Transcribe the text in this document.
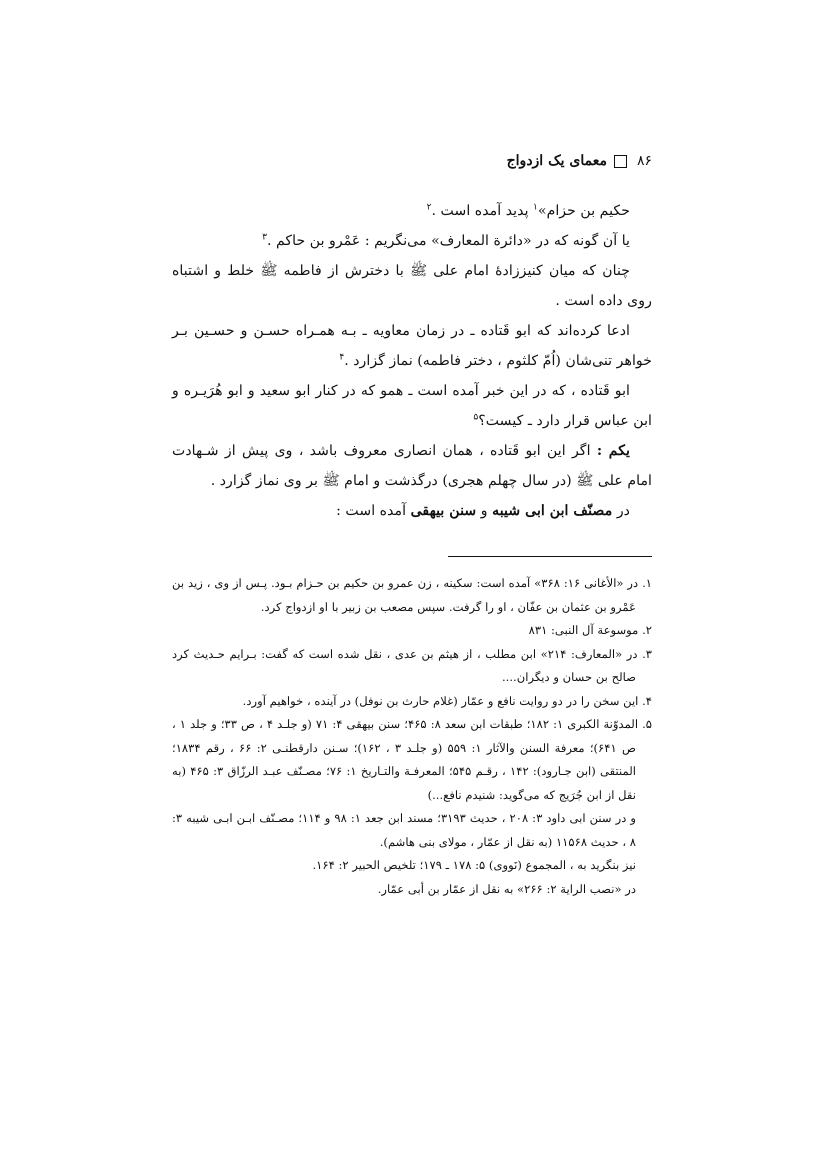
۸۶
معمای یک ازدواج

حکیم بن حزام»$^۱$ پدید آمده است .$^۲$

یا آن گونه که در «دائرة المعارف» می‌نگریم : عَمْرو بن حاکم .$^۳$

چنان که میان کنیززادهٔ امام علی ﷺ با دخترش از فاطمه ﷺ خلط و اشتباه روی داده است .

ادعا کرده‌اند که ابو قَتاده ـ در زمان معاویه ـ بـه همـراه حسـن و حسـین بـر خواهر تنی‌شان (اُمّ کلثوم ، دختر فاطمه) نماز گزارد .$^۴$

ابو قَتاده ، که در این خبر آمده است ـ همو که در کنار ابو سعید و ابو هُرَیـره و ابن عباس قرار دارد ـ کیست؟$^۵$

یکم : اگر این ابو قَتاده ، همان انصاری معروف باشد ، وی پیش از شـهادت امام علی ﷺ (در سال چهلم هجری) درگذشت و امام ﷺ بر وی نماز گزارد .

در مصنّف ابن ابی شیبه و سنن بیهقی آمده است :

۱. در «الأغانی ۱۶: ۳۶۸» آمده است: سکینه ، زن عمرو بن حکیم بن حـزام بـود. پـس از وی ، زید بن عَمْرو بن عثمان بن عفّان ، او را گرفت. سپس مصعب بن زبیر با او ازدواج کرد.

۲. موسوعة آل النبی: ۸۳۱

۳. در «المعارف: ۲۱۴» ابن مطلب ، از هیثم بن عدی ، نقل شده است که گفت: بـرایم حـدیث کرد صالح بن حسان و دیگران....

۴. این سخن را در دو روایت نافع و عمّار (غلام حارث بن نوفل) در آینده ، خواهیم آورد.

۵. المدوّنة الکبری ۱: ۱۸۲؛ طبقات ابن سعد ۸: ۴۶۵؛ سنن بیهقی ۴: ۷۱ (و جلـد ۴ ، ص ۳۳؛ و جلد ۱ ، ص ۶۴۱)؛ معرفة السنن والآثار ۱: ۵۵۹ (و جلـد ۳ ، ۱۶۲)؛ سـنن دارقطنـی ۲: ۶۶ ، رقم ۱۸۳۴؛ المنتقی (ابن جـارود): ۱۴۲ ، رقـم ۵۴۵؛ المعرفـة والتـاریخ ۱: ۷۶؛ مصـنّف عبـد الرزّاق ۳: ۴۶۵ (به نقل از ابن جُرَیج که می‌گوید: شنیدم نافع...)

و در سنن ابی داود ۳: ۲۰۸ ، حدیث ۳۱۹۳؛ مسند ابن جعد ۱: ۹۸ و ۱۱۴؛ مصـنّف ابـن ابـی شیبه ۳: ۸ ، حدیث ۱۱۵۶۸ (به نقل از عمّار ، مولای بنی هاشم).

نیز بنگرید به ، المجموع (نَووی) ۵: ۱۷۸ ـ ۱۷۹؛ تلخیص الحبیر ۲: ۱۶۴.

در «نصب الرایة ۲: ۲۶۶» به نقل از عمّار بن أبی عمّار.
